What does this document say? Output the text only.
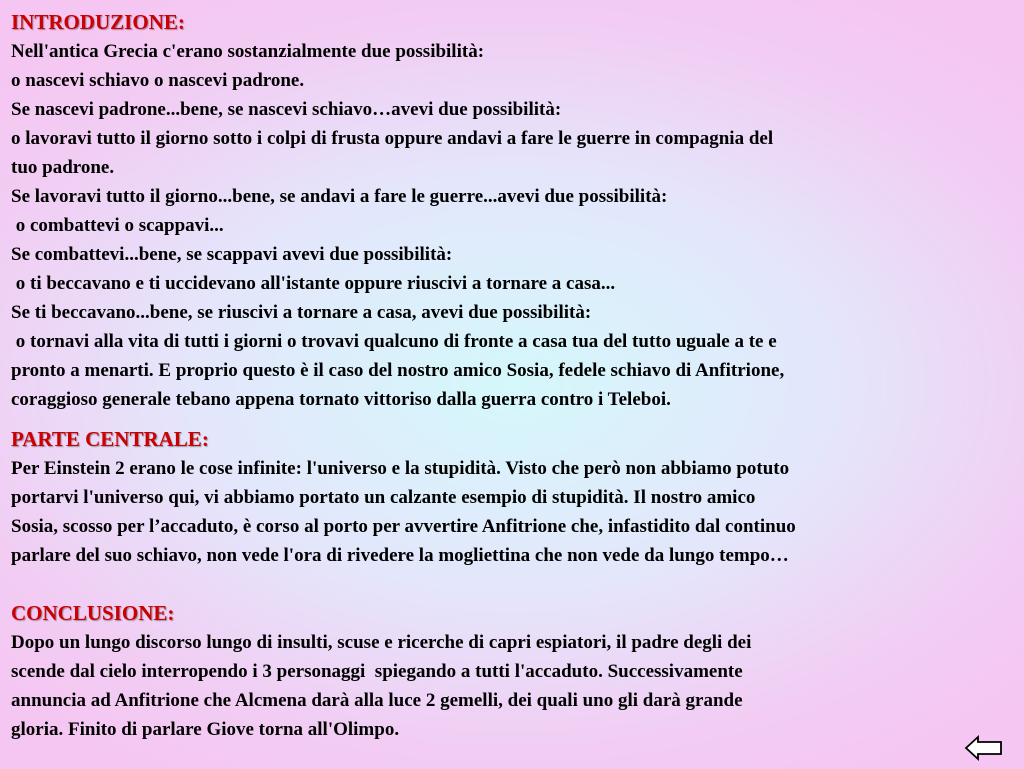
INTRODUZIONE:
Nell'antica Grecia c'erano sostanzialmente due possibilità:
o nascevi schiavo o nascevi padrone.
Se nascevi padrone...bene, se nascevi schiavo…avevi due possibilità:
o lavoravi tutto il giorno sotto i colpi di frusta oppure andavi a fare le guerre in compagnia del
tuo padrone.
Se lavoravi tutto il giorno...bene, se andavi a fare le guerre...avevi due possibilità:
o combattevi o scappavi...
Se combattevi...bene, se scappavi avevi due possibilità:
o ti beccavano e ti uccidevano all'istante oppure riuscivi a tornare a casa...
Se ti beccavano...bene, se riuscivi a tornare a casa, avevi due possibilità:
o tornavi alla vita di tutti i giorni o trovavi qualcuno di fronte a casa tua del tutto uguale a te e
pronto a menarti. E proprio questo è il caso del nostro amico Sosia, fedele schiavo di Anfitrione,
coraggioso generale tebano appena tornato vittoriso dalla guerra contro i Teleboi.
PARTE CENTRALE:
Per Einstein 2 erano le cose infinite: l'universo e la stupidità. Visto che però non abbiamo potuto
portarvi l'universo qui, vi abbiamo portato un calzante esempio di stupidità. Il nostro amico
Sosia, scosso per l’accaduto, è corso al porto per avvertire Anfitrione che, infastidito dal continuo
parlare del suo schiavo, non vede l'ora di rivedere la mogliettina che non vede da lungo tempo…
CONCLUSIONE:
Dopo un lungo discorso lungo di insulti, scuse e ricerche di capri espiatori, il padre degli dei
scende dal cielo interropendo i 3 personaggi  spiegando a tutti l'accaduto. Successivamente
annuncia ad Anfitrione che Alcmena darà alla luce 2 gemelli, dei quali uno gli darà grande
gloria. Finito di parlare Giove torna all'Olimpo.
